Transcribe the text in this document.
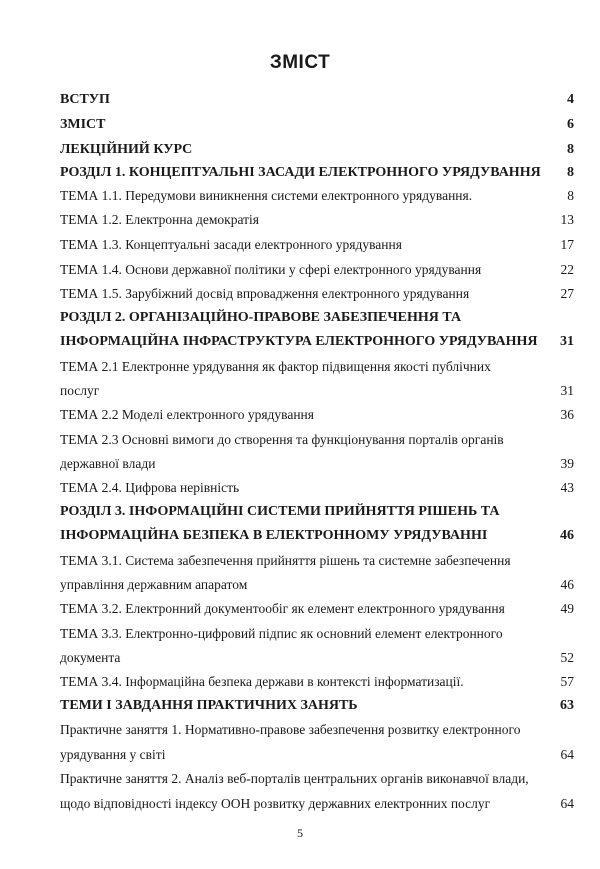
ЗМІСТ
ВСТУП	4
ЗМІСТ	6
ЛЕКЦІЙНИЙ КУРС	8
РОЗДІЛ 1. КОНЦЕПТУАЛЬНІ ЗАСАДИ ЕЛЕКТРОННОГО УРЯДУВАННЯ 8
ТЕМА 1.1. Передумови виникнення системи електронного урядування.	8
ТЕМА 1.2. Електронна демократія	13
ТЕМА 1.3. Концептуальні засади електронного урядування	17
ТЕМА 1.4. Основи державної політики у сфері електронного урядування	22
ТЕМА 1.5. Зарубіжний досвід впровадження електронного урядування	27
РОЗДІЛ 2. ОРГАНІЗАЦІЙНО-ПРАВОВЕ ЗАБЕЗПЕЧЕННЯ ТА
ІНФОРМАЦІЙНА ІНФРАСТРУКТУРА ЕЛЕКТРОННОГО УРЯДУВАННЯ 31
ТЕМА 2.1 Електронне урядування як фактор підвищення якості публічних
послуг	31
ТЕМА 2.2 Моделі електронного урядування	36
ТЕМА 2.3 Основні вимоги до створення та функціонування порталів органів
державної влади	39
ТЕМА 2.4. Цифрова нерівність	43
РОЗДІЛ 3. ІНФОРМАЦІЙНІ СИСТЕМИ ПРИЙНЯТТЯ РІШЕНЬ ТА
ІНФОРМАЦІЙНА БЕЗПЕКА В ЕЛЕКТРОННОМУ УРЯДУВАННІ	46
ТЕМА 3.1. Система забезпечення прийняття рішень та системне забезпечення
управління державним апаратом	46
ТЕМА 3.2. Електронний документообіг як елемент електронного урядування	49
ТЕМА 3.3. Електронно-цифровий підпис як основний елемент електронного
документа	52
ТЕМА 3.4. Інформаційна безпека держави в контексті інформатизації.	57
ТЕМИ І ЗАВДАННЯ ПРАКТИЧНИХ ЗАНЯТЬ	63
Практичне заняття 1. Нормативно-правове забезпечення розвитку електронного
урядування у світі	64
Практичне заняття 2. Аналіз веб-порталів центральних органів виконавчої влади,
щодо відповідності індексу ООН розвитку державних електронних послуг	64
5
